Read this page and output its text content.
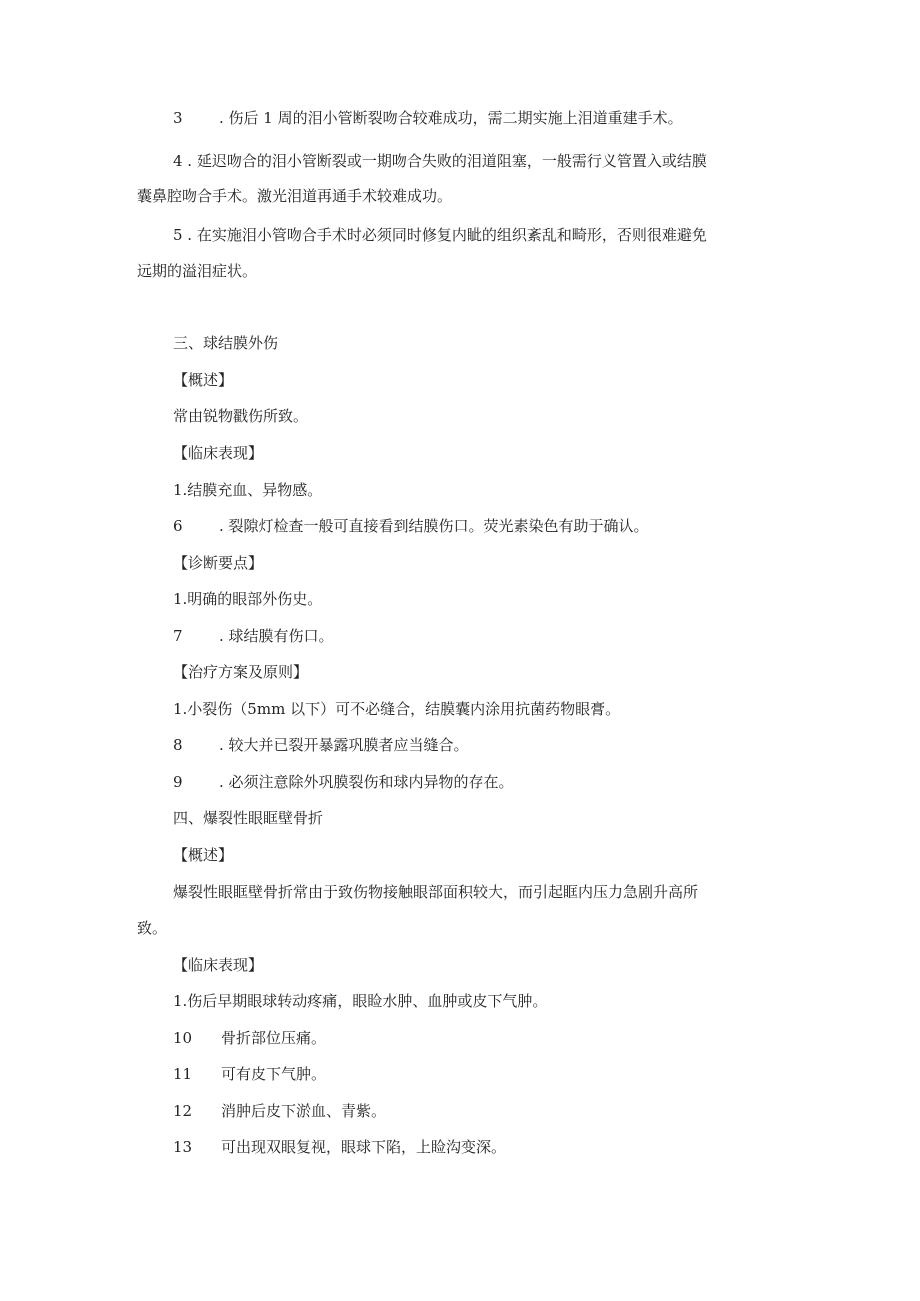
3 . 伤后 1 周的泪小管断裂吻合较难成功，需二期实施上泪道重建手术。
4 . 延迟吻合的泪小管断裂或一期吻合失败的泪道阻塞，一般需行义管置入或结膜
囊鼻腔吻合手术。激光泪道再通手术较难成功。
5 . 在实施泪小管吻合手术时必须同时修复内眦的组织紊乱和畸形，否则很难避免
远期的溢泪症状。
三、球结膜外伤
【概述】
常由锐物戳伤所致。
【临床表现】
1.结膜充血、异物感。
6 . 裂隙灯检查一般可直接看到结膜伤口。荧光素染色有助于确认。
【诊断要点】
1.明确的眼部外伤史。
7 . 球结膜有伤口。
【治疗方案及原则】
1.小裂伤（5mm 以下）可不必缝合，结膜囊内涂用抗菌药物眼膏。
8 . 较大并已裂开暴露巩膜者应当缝合。
9 . 必须注意除外巩膜裂伤和球内异物的存在。
四、爆裂性眼眶壁骨折
【概述】
爆裂性眼眶壁骨折常由于致伤物接触眼部面积较大，而引起眶内压力急剧升高所
致。
【临床表现】
1.伤后早期眼球转动疼痛，眼睑水肿、血肿或皮下气肿。
10 骨折部位压痛。
11 可有皮下气肿。
12 消肿后皮下淤血、青紫。
13 可出现双眼复视，眼球下陷，上睑沟变深。
